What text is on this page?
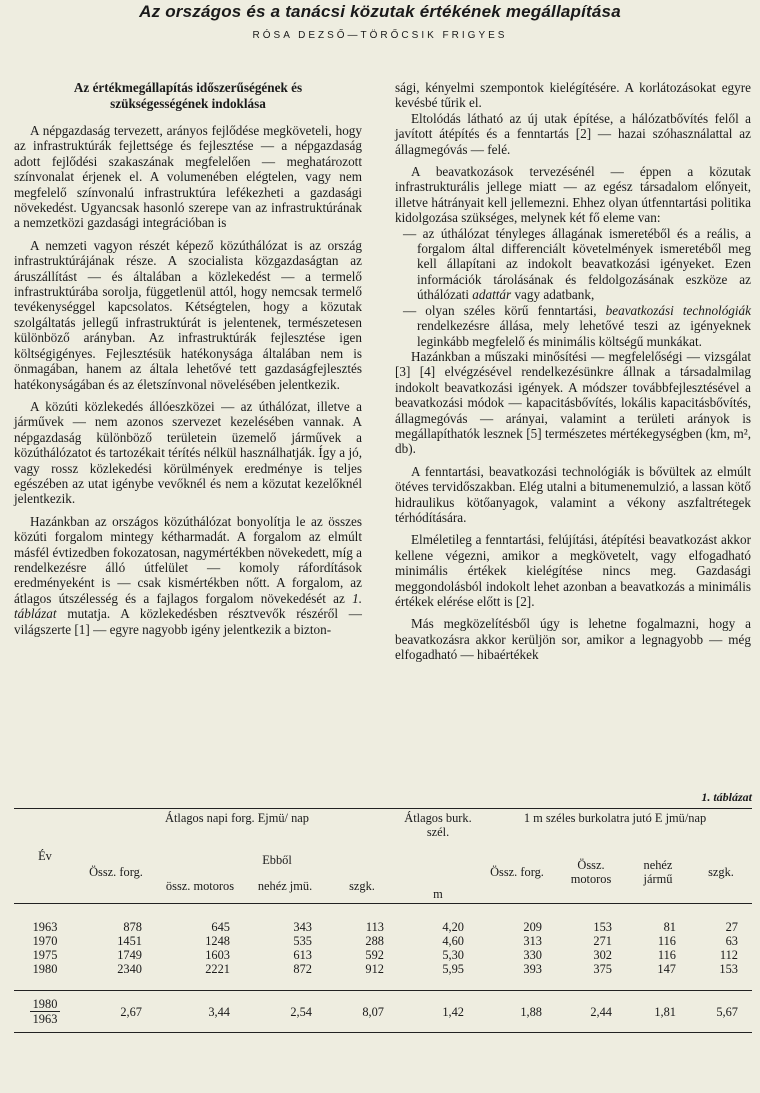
Az országos és a tanácsi közutak értékének megállapítása
RÓSA DEZSŐ—TÖRŐCSIK FRIGYES
Az értékmegállapítás időszerűségének és
szükségességének indoklása

A népgazdaság tervezett, arányos fejlődése megköveteli, hogy az infrastruktúrák fejlettsége és fejlesztése — a népgazdaság adott fejlődési szakaszának megfelelően — meghatározott színvonalat érjenek el. A volumenében elégtelen, vagy nem megfelelő színvonalú infrastruktúra lefékezheti a gazdasági növekedést. Ugyancsak hasonló szerepe van az infrastruktúrának a nemzetközi gazdasági integrációban is

A nemzeti vagyon részét képező közúthálózat is az ország infrastruktúrájának része. A szocialista közgazdaságtan az áruszállítást — és általában a közlekedést — a termelő infrastruktúrába sorolja, függetlenül attól, hogy nemcsak termelő tevékenységgel kapcsolatos. Kétségtelen, hogy a közutak szolgáltatás jellegű infrastruktúrát is jelentenek, természetesen különböző arányban. Az infrastruktúrák fejlesztése igen költségigényes. Fejlesztésük hatékonysága általában nem is önmagában, hanem az általa lehetővé tett gazdaságfejlesztés hatékonyságában és az életszínvonal növelésében jelentkezik.

A közúti közlekedés állóeszközei — az úthálózat, illetve a járművek — nem azonos szervezet kezelésében vannak. A népgazdaság különböző területein üzemelő járművek a közúthálózatot és tartozékait térítés nélkül használhatják. Így a jó, vagy rossz közlekedési körülmények eredménye is teljes egészében az utat igénybe vevőknél és nem a közutat kezelőknél jelentkezik.

Hazánkban az országos közúthálózat bonyolítja le az összes közúti forgalom mintegy kétharmadát. A forgalom az elmúlt másfél évtizedben fokozatosan, nagymértékben növekedett, míg a rendelkezésre álló útfelület — komoly ráfordítások eredményeként is — csak kismértékben nőtt. A forgalom, az átlagos útszélesség és a fajlagos forgalom növekedését az 1. táblázat mutatja. A közlekedésben résztvevők részéről — világszerte [1] — egyre nagyobb igény jelentkezik a bizton-

sági, kényelmi szempontok kielégítésére. A korlátozásokat egyre kevésbé tűrik el.

Eltolódás látható az új utak építése, a hálózatbővítés felől a javított átépítés és a fenntartás [2] — hazai szóhasználattal az állagmegóvás — felé.

A beavatkozások tervezésénél — éppen a közutak infrastrukturális jellege miatt — az egész társadalom előnyeit, illetve hátrányait kell jellemezni. Ehhez olyan útfenntartási politika kidolgozása szükséges, melynek két fő eleme van:

— az úthálózat tényleges állagának ismeretéből és a reális, a forgalom által differenciált követelmények ismeretéből meg kell állapítani az indokolt beavatkozási igényeket. Ezen információk tárolásának és feldolgozásának eszköze az úthálózati adattár vagy adatbank,

— olyan széles körű fenntartási, beavatkozási technológiák rendelkezésre állása, mely lehetővé teszi az igényeknek leginkább megfelelő és minimális költségű munkákat.

Hazánkban a műszaki minősítési — megfelelőségi — vizsgálat [3] [4] elvégzésével rendelkezésünkre állnak a társadalmilag indokolt beavatkozási igények. A módszer továbbfejlesztésével a beavatkozási módok — kapacitásbővítés, lokális kapacitásbővítés, állagmegóvás — arányai, valamint a területi arányok is megállapíthatók lesznek [5] természetes mértékegységben (km, m², db).

A fenntartási, beavatkozási technológiák is bővültek az elmúlt ötéves tervidőszakban. Elég utalni a bitumenemulzió, a lassan kötő hidraulikus kötőanyagok, valamint a vékony aszfaltrétegek térhódítására.

Elméletileg a fenntartási, felújítási, átépítési beavatkozást akkor kellene végezni, amikor a megkövetelt, vagy elfogadható minimális értékek kielégítése nincs meg. Gazdasági meggondolásból indokolt lehet azonban a beavatkozás a minimális értékek elérése előtt is [2].

Más megközelítésből úgy is lehetne fogalmazni, hogy a beavatkozásra akkor kerüljön sor, amikor a legnagyobb — még elfogadható — hibaértékek

1. táblázat
Év	Átlagos napi forg. Ejmü/ nap				Átlagos burk. szél.	1 m széles burkolatra jutó E jmü/nap			
	Össz. forg.	Ebből			m	Össz. forg.	Össz. motoros	nehéz jármű	szgk.
		össz. motoros	nehéz jmü.	szgk.					
1963	878	645	343	113	4,20	209	153	81	27
1970	1451	1248	535	288	4,60	313	271	116	63
1975	1749	1603	613	592	5,30	330	302	116	112
1980	2340	2221	872	912	5,95	393	375	147	153

$\frac{1980}{1963}$	2,67	3,44	2,54	8,07	1,42	1,88	2,44	1,81	5,67
